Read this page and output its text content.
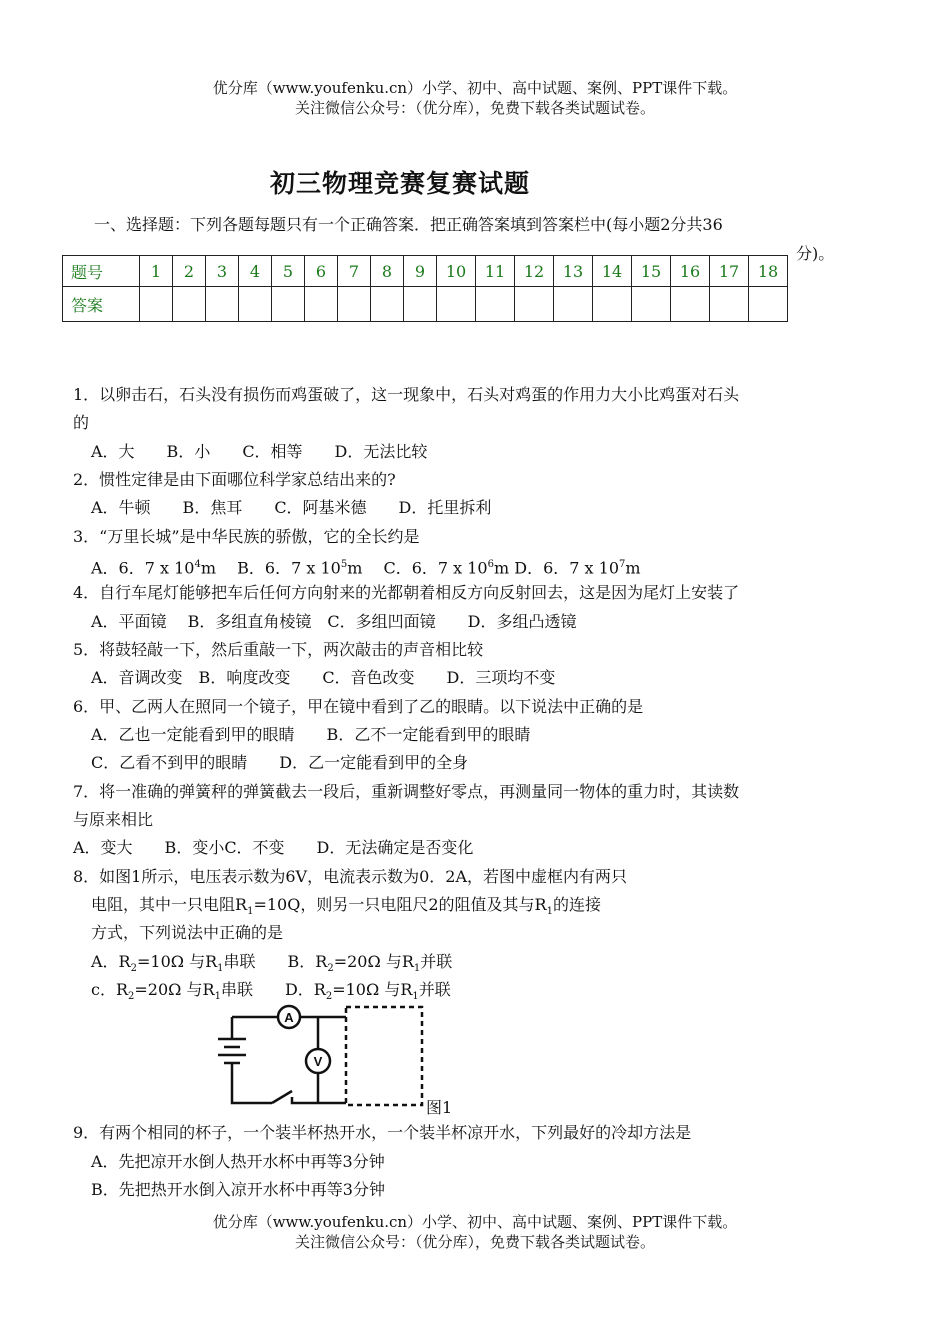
优分库（www.youfenku.cn）小学、初中、高中试题、案例、PPT课件下载。
关注微信公众号：（优分库），免费下载各类试题试卷。
初三物理竞赛复赛试题
一、选择题：下列各题每题只有一个正确答案．把正确答案填到答案栏中(每小题2分共36
分)。
题号	1	2	3	4	5	6	7	8	9	10	11	12	13	14	15	16	17	18
答案																		
1．以卵击石，石头没有损伤而鸡蛋破了，这一现象中，石头对鸡蛋的作用力大小比鸡蛋对石头
的
A．大　　B．小　　C．相等　　D．无法比较
2．惯性定律是由下面哪位科学家总结出来的?
A．牛顿　　B．焦耳　　C．阿基米德　　D．托里拆利
3．“万里长城”是中华民族的骄傲，它的全长约是
A．6．7 x $10^4m$　 B．6．7 x $10^5m$　 C．6．7 x $10^6m$ D．6．7 x $10^7m$
4．自行车尾灯能够把车后任何方向射来的光都朝着相反方向反射回去，这是因为尾灯上安装了
A．平面镜　 B．多组直角棱镜　C．多组凹面镜　　D．多组凸透镜
5．将鼓轻敲一下，然后重敲一下，两次敲击的声音相比较
A．音调改变　B．响度改变　　C．音色改变　　D．三项均不变
6．甲、乙两人在照同一个镜子，甲在镜中看到了乙的眼睛。以下说法中正确的是
A．乙也一定能看到甲的眼睛　　B．乙不一定能看到甲的眼睛
C．乙看不到甲的眼睛　　D．乙一定能看到甲的全身
7．将一准确的弹簧秤的弹簧截去一段后，重新调整好零点，再测量同一物体的重力时，其读数
与原来相比
A．变大　　B．变小C．不变　　D．无法确定是否变化
8．如图1所示，电压表示数为6V，电流表示数为0．2A，若图中虚框内有两只
电阻，其中一只电阻$R_1=10Q$，则另一只电阻尺2的阻值及其与$R_1$的连接
方式，下列说法中正确的是
A．$R_2=10\Omega$ 与$R_1$串联　　B．$R_2=20\Omega$ 与$R_1$并联
c．$R_2=20\Omega$ 与$R_1$串联　　D．$R_2=10\Omega$ 与$R_1$并联
A
V
图1
9．有两个相同的杯子，一个装半杯热开水，一个装半杯凉开水，下列最好的冷却方法是
A．先把凉开水倒人热开水杯中再等3分钟
B．先把热开水倒入凉开水杯中再等3分钟
优分库（www.youfenku.cn）小学、初中、高中试题、案例、PPT课件下载。
关注微信公众号：（优分库），免费下载各类试题试卷。
